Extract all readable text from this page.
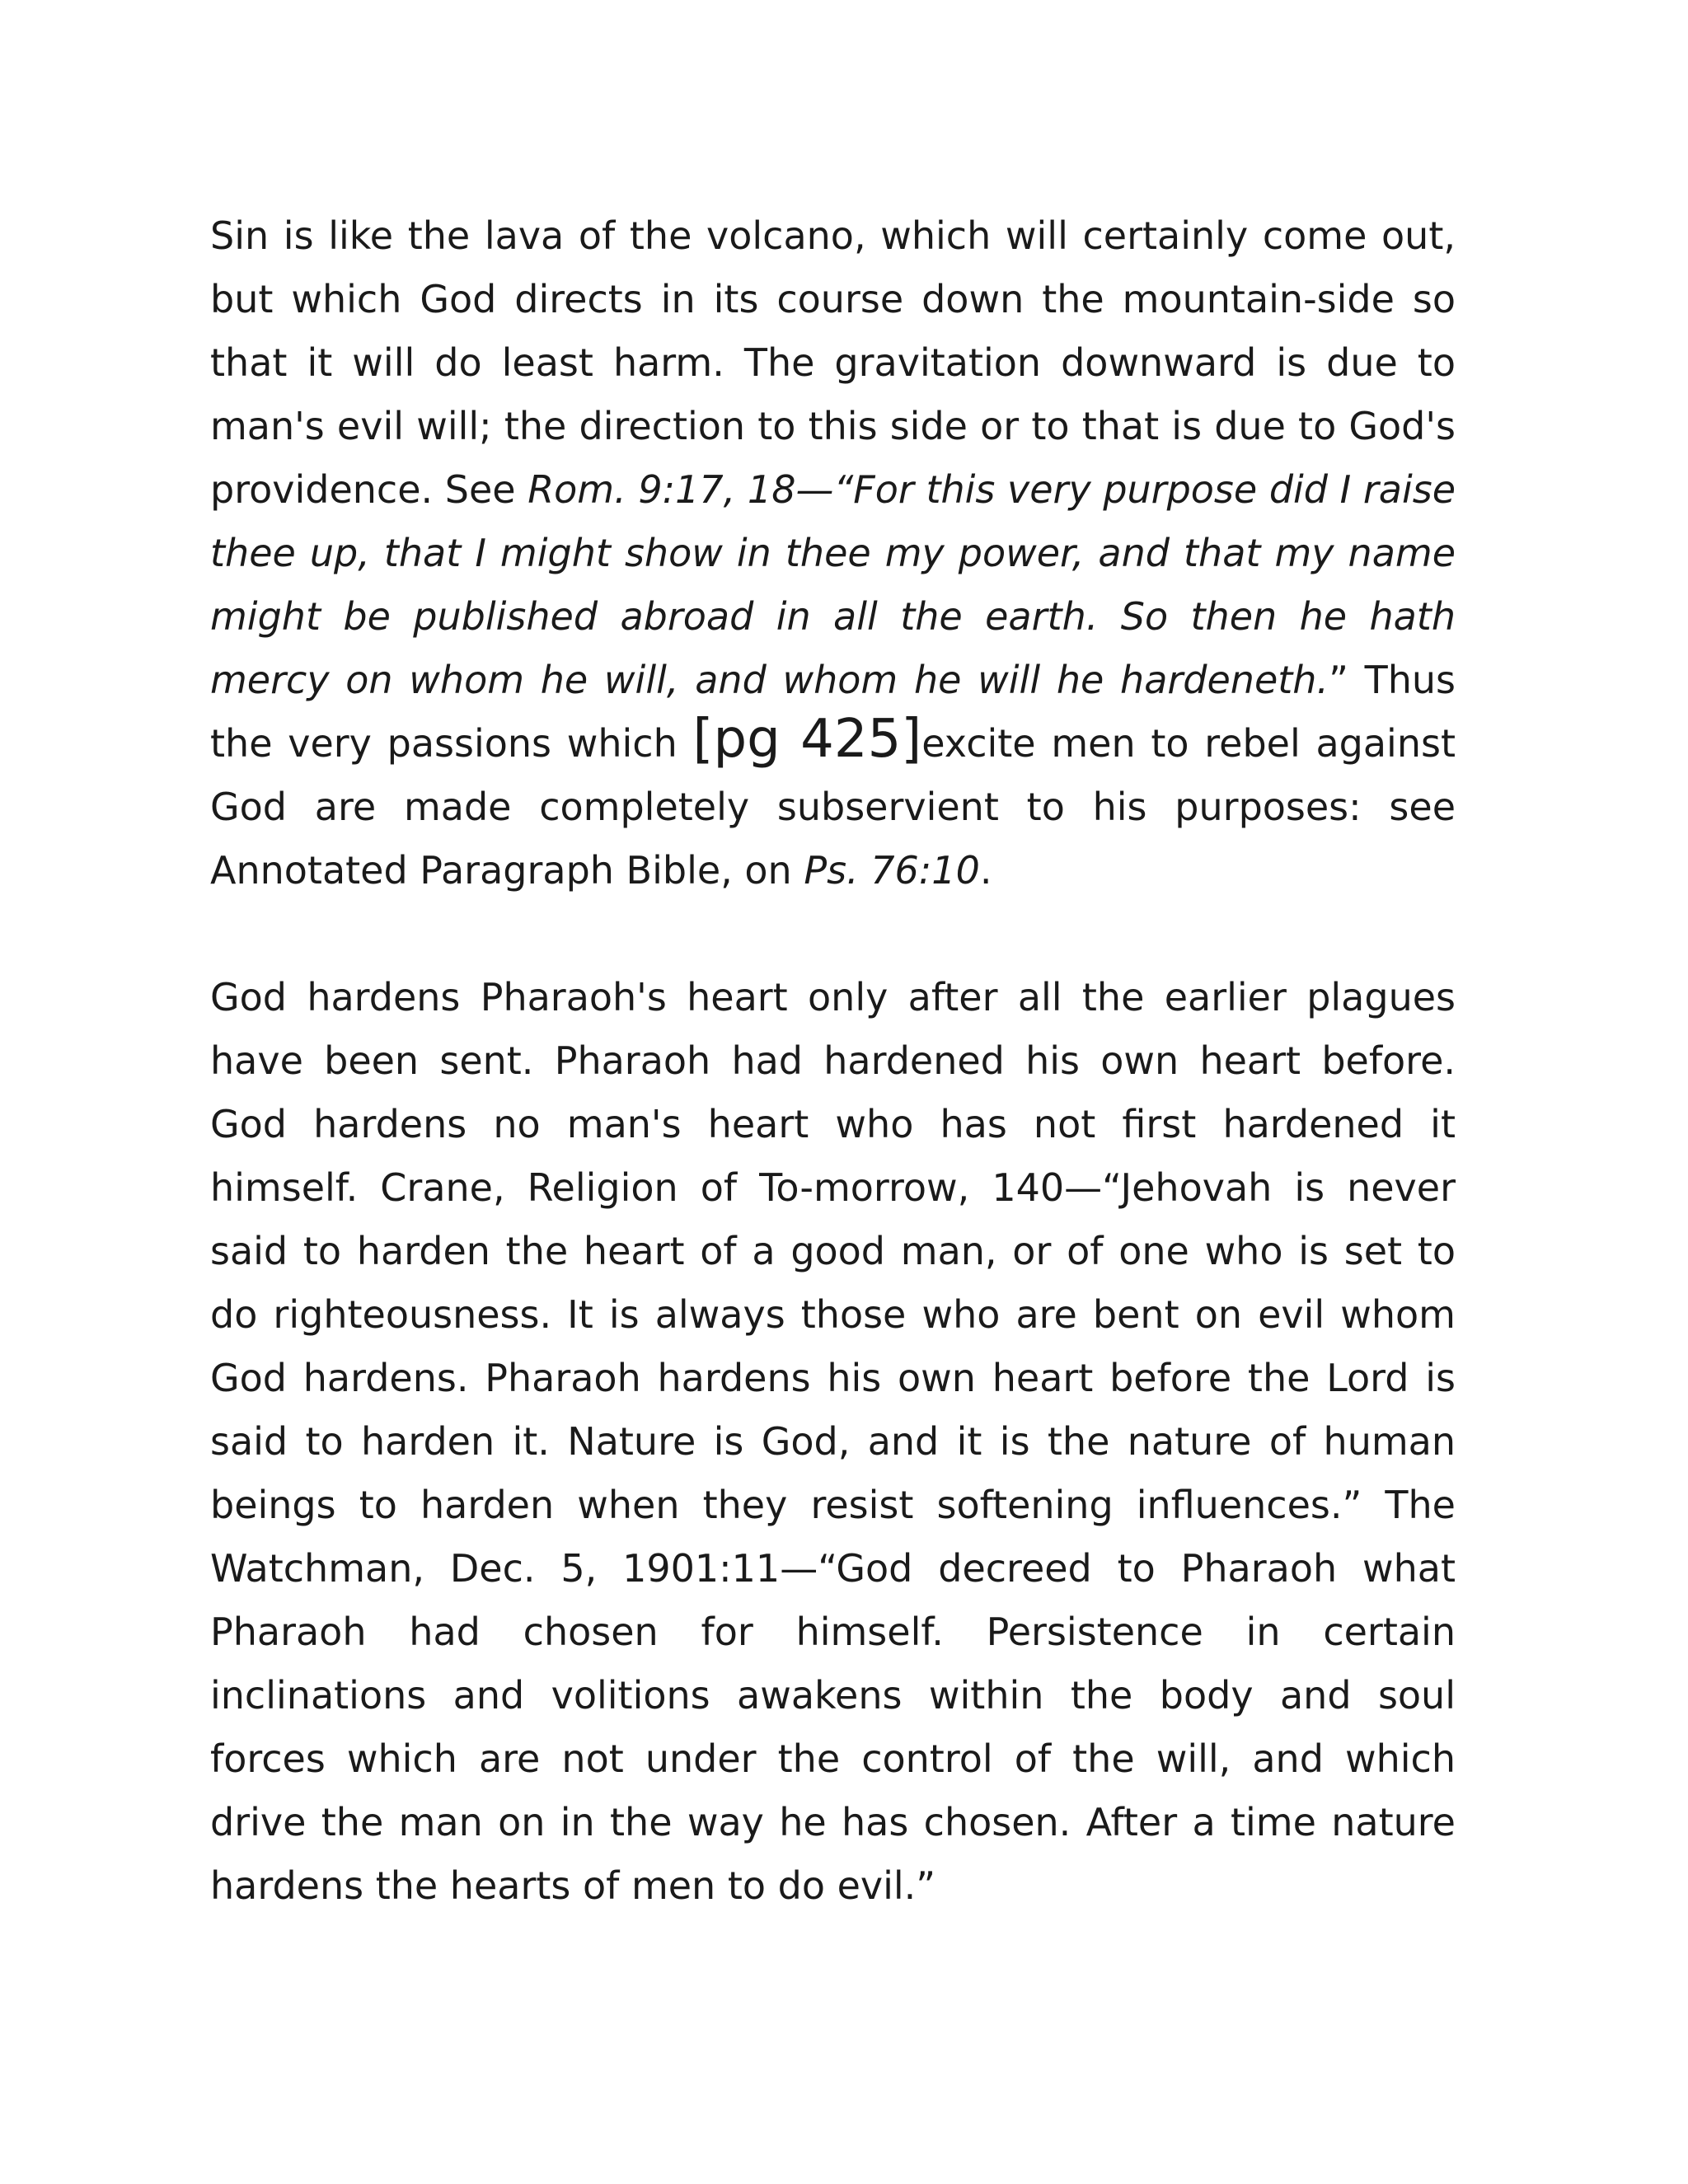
Sin is like the lava of the volcano, which will certainly come out, but which God directs in its course down the mountain-side so that it will do least harm. The gravitation downward is due to man's evil will; the direction to this side or to that is due to God's providence. See Rom. 9:17, 18—“For this very purpose did I raise thee up, that I might show in thee my power, and that my name might be published abroad in all the earth. So then he hath mercy on whom he will, and whom he will he hardeneth.” Thus the very passions which [pg 425]excite men to rebel against God are made completely subservient to his purposes: see Annotated Paragraph Bible, on Ps. 76:10.

God hardens Pharaoh's heart only after all the earlier plagues have been sent. Pharaoh had hardened his own heart before. God hardens no man's heart who has not first hardened it himself. Crane, Religion of To-morrow, 140—“Jehovah is never said to harden the heart of a good man, or of one who is set to do righteousness. It is always those who are bent on evil whom God hardens. Pharaoh hardens his own heart before the Lord is said to harden it. Nature is God, and it is the nature of human beings to harden when they resist softening influences.” The Watchman, Dec. 5, 1901:11—“God decreed to Pharaoh what Pharaoh had chosen for himself. Persistence in certain inclinations and volitions awakens within the body and soul forces which are not under the control of the will, and which drive the man on in the way he has chosen. After a time nature hardens the hearts of men to do evil.”
